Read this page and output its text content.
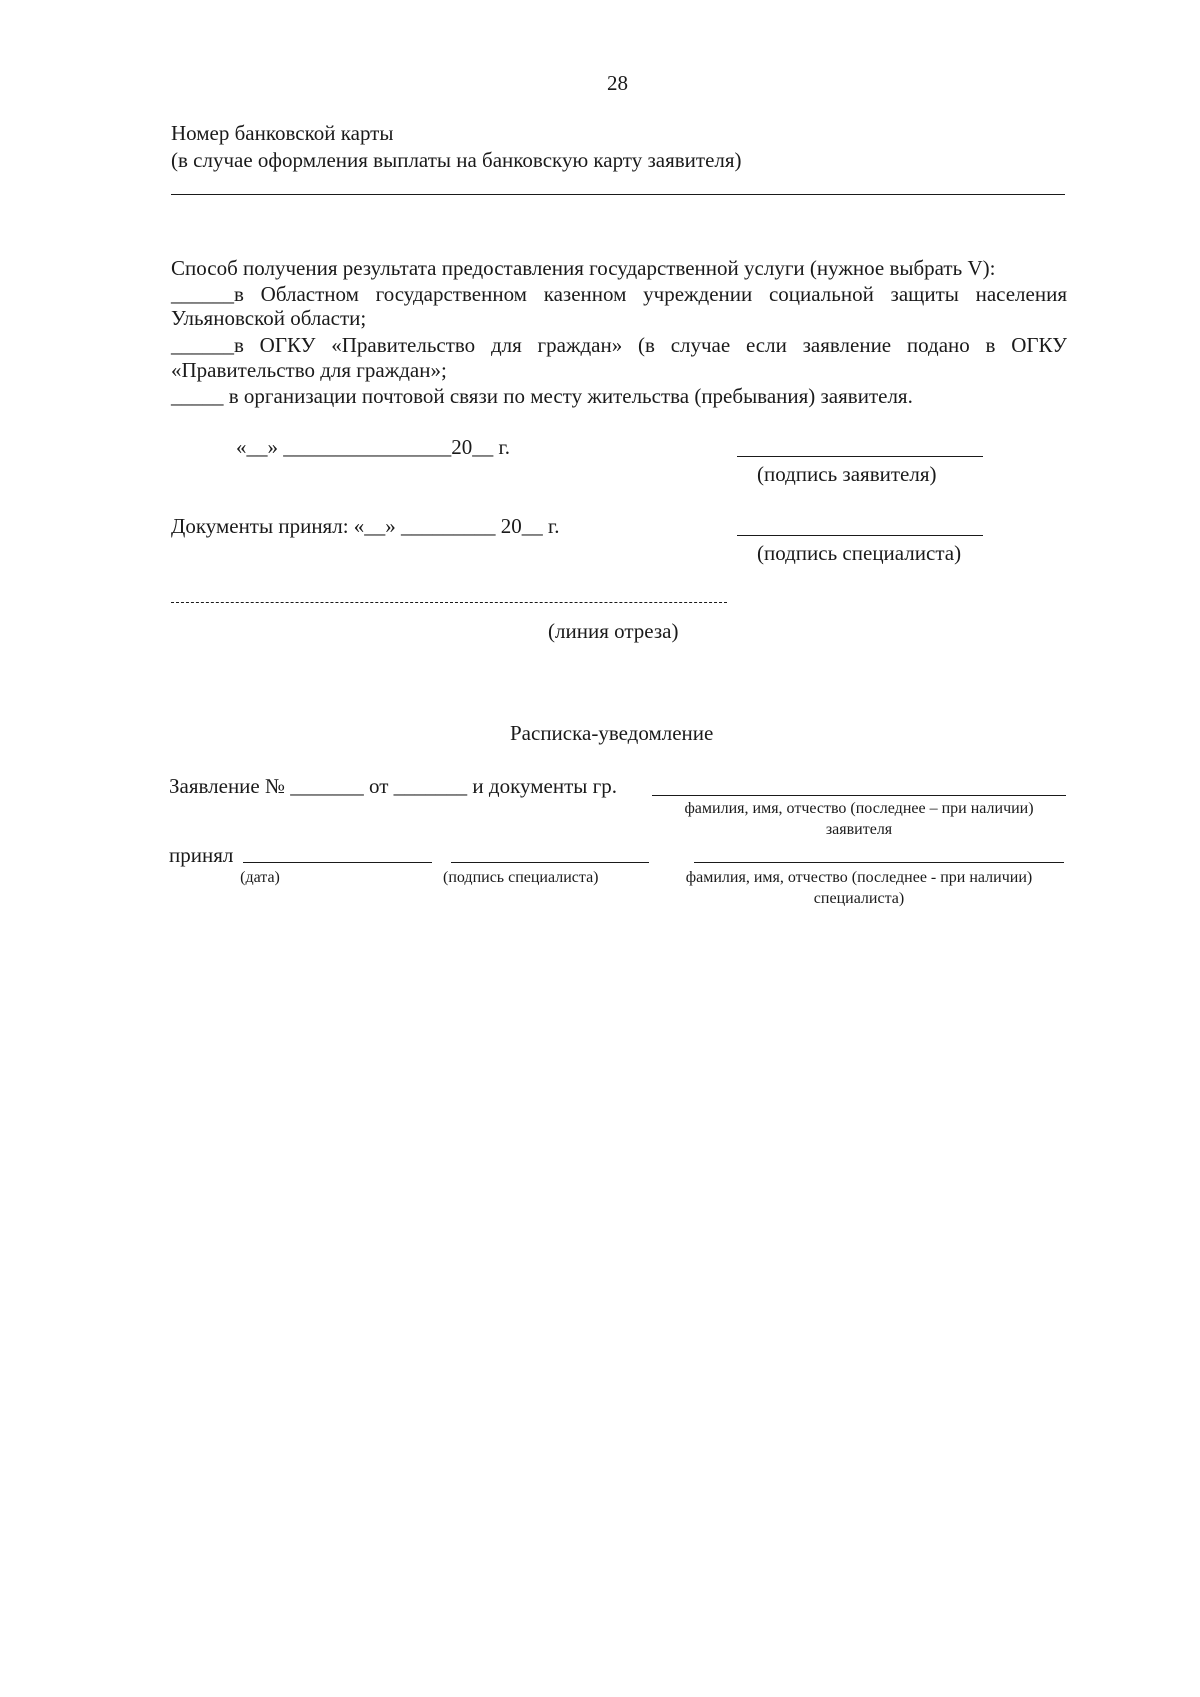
28
Номер банковской карты
(в случае оформления выплаты на банковскую карту заявителя)
Способ получения результата предоставления государственной услуги (нужное выбрать V):
______в Областном государственном казенном учреждении социальной защиты населения
Ульяновской области;
______в ОГКУ «Правительство для граждан» (в случае если заявление подано в ОГКУ
«Правительство для граждан»;
_____ в организации почтовой связи по месту жительства (пребывания) заявителя.
«__» ________________20__ г.
(подпись заявителя)
Документы принял: «__» _________ 20__ г.
(подпись специалиста)
(линия отреза)
Расписка-уведомление
Заявление № _______ от _______ и документы гр.
фамилия, имя, отчество (последнее – при наличии)
заявителя
принял
(дата)	(подпись специалиста)	фамилия, имя, отчество (последнее - при наличии)
специалиста)
